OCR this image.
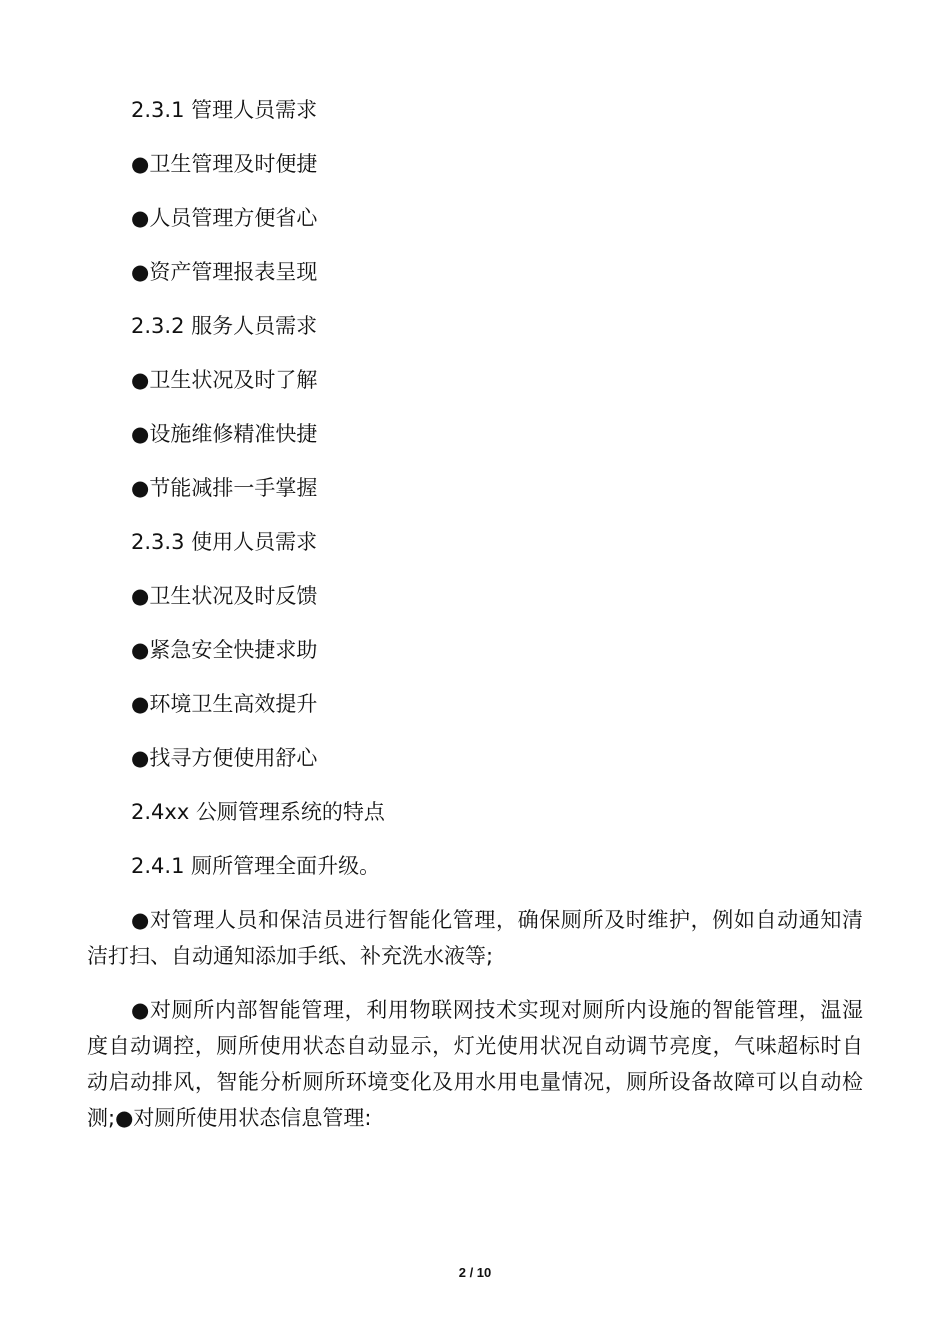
2.3.1 管理人员需求
●卫生管理及时便捷
●人员管理方便省心
●资产管理报表呈现
2.3.2 服务人员需求
●卫生状况及时了解
●设施维修精准快捷
●节能减排一手掌握
2.3.3 使用人员需求
●卫生状况及时反馈
●紧急安全快捷求助
●环境卫生高效提升
●找寻方便使用舒心
2.4xx 公厕管理系统的特点
2.4.1 厕所管理全面升级。
●对管理人员和保洁员进行智能化管理，确保厕所及时维护，例如自动通知清洁打扫、自动通知添加手纸、补充洗水液等;
●对厕所内部智能管理，利用物联网技术实现对厕所内设施的智能管理，温湿度自动调控，厕所使用状态自动显示，灯光使用状况自动调节亮度，气味超标时自动启动排风，智能分析厕所环境变化及用水用电量情况，厕所设备故障可以自动检测;●对厕所使用状态信息管理:
2 / 10
